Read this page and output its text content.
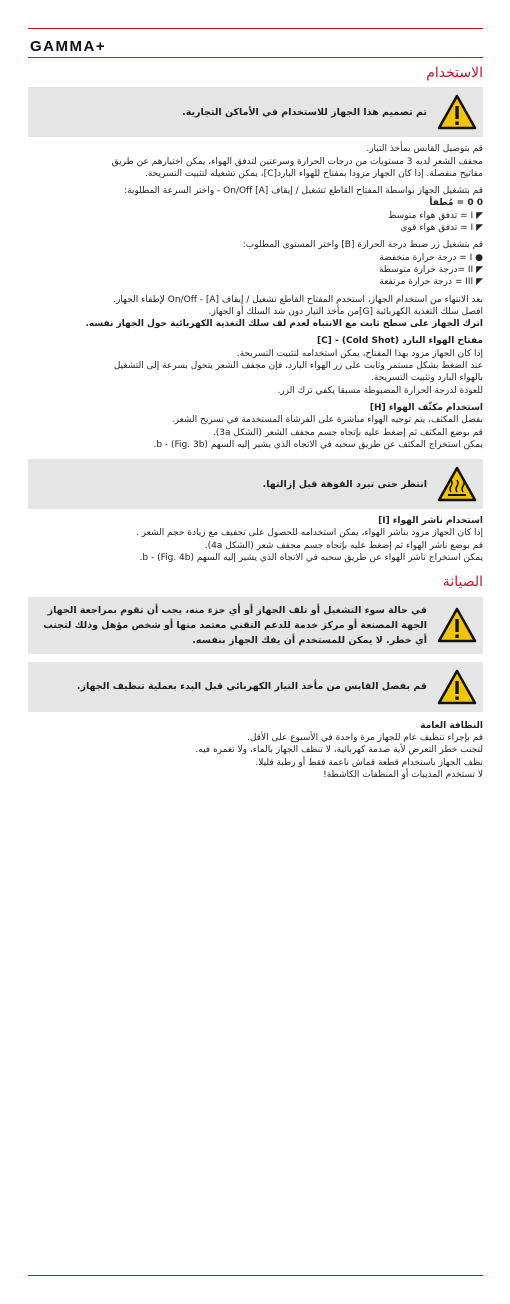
GAMMA+
الاستخدام
تم تصميم هذا الجهاز للاستخدام في الأماكن التجارية.

قم بتوصيل القابس بمأخذ التيار.
مجفف الشعر لديه 3 مستويات من درجات الحرارة وسرعتين لتدفق الهواء، يمكن اختيارهم عن طريق
مفاتيح منفصلة. إذا كان الجهاز مزودا بمفتاح للهواء البارد[C]، يمكن تشغيله لتثبيت التسريحة.

قم بتشغيل الجهاز بواسطة المفتاح القاطع تشغيل / إيقاف On/Off [A] - واختر السرعة المطلوبة:
0 0 = مُطفأ
◤ I = تدفق هواء متوسط
◤ I = تدفق هواء قوي

قم بتشغيل زر ضبط درجة الحرارة [B] واختر المستوى المطلوب:
● I = درجة حرارة منخفضة
◤ II =درجة حرارة متوسطة
◤ III = درجة حرارة مرتفعة

بعد الانتهاء من استخدام الجهاز، استخدم المفتاح القاطع تشغيل / إيقاف On/Off - [A] لإطفاء الجهاز.
افصل سلك التغذية الكهربائية [G]من مأخذ التيار دون شد السلك أو الجهاز.
اترك الجهاز على سطح ثابت مع الانتباه لعدم لف سلك التغذية الكهربائية حول الجهاز نفسه.

مفتاح الهواء البارد (Cold Shot) - [C]

إذا كان الجهاز مزود بهذا المفتاح، يمكن استخدامه لتثبيت التسريحة.
عند الضغط بشكل مستمر وثابت على زر الهواء البارد، فإن مجفف الشعر يتحول بسرعة إلى التشغيل
بالهواء البارد وتثبيت التسريحة.
للعودة لدرجة الحرارة المضبوطة مسبقا يكفي ترك الزر.

استخدام مكثّف الهواء [H]

بفضل المكثف، يتم توجيه الهواء مباشرة على الفرشاة المستخدمة في تسريح الشعر.
قم بوضع المكثف ثم إضغط عليه بإتجاه جسم مجفف الشعر (الشكل 3a).
يمكن استخراج المكثف عن طريق سحبه في الاتجاه الذي يشير إليه السهم b - (Fig. 3b).

انتظر حتى تبرد الفوهة قبل إزالتها.
استخدام ناشر الهواء [I]

إذا كان الجهاز مزود بناشر الهواء، يمكن استخدامه للحصول على تجفيف مع زيادة حجم الشعر .
قم بوضع ناشر الهواء ثم إضغط عليه بإتجاه جسم مجفف شعر (الشكل 4a).
يمكن استخراج ناشر الهواء عن طريق سحبه في الاتجاه الذي يشير إليه السهم b - (Fig. 4b).

الصيانة
في حالة سوء التشغيل أو تلف الجهاز أو أي جزء منه، يجب أن تقوم بمراجعة الجهاز الجهة المصنعة أو مركز خدمة للدعم التقني معتمد منها أو شخص مؤهل وذلك لتجنب أي خطر. لا يمكن للمستخدم أن يفك الجهاز بنفسه.
قم بفصل القابس من مأخذ التيار الكهربائي قبل البدء بعملية تنظيف الجهاز.
النظافة العامة

قم بإجراء تنظيف عام للجهاز مرة واحدة في الأسبوع على الأقل.
لتجنب خطر التعرض لأية صدمة كهربائية، لا تنظف الجهاز بالماء، ولا تغمره فيه.
نظف الجهاز باستخدام قطعة قماش ناعمة فقط أو رطبة قليلا.
لا تستخدم المذيبات أو المنظفات الكاشطة!
